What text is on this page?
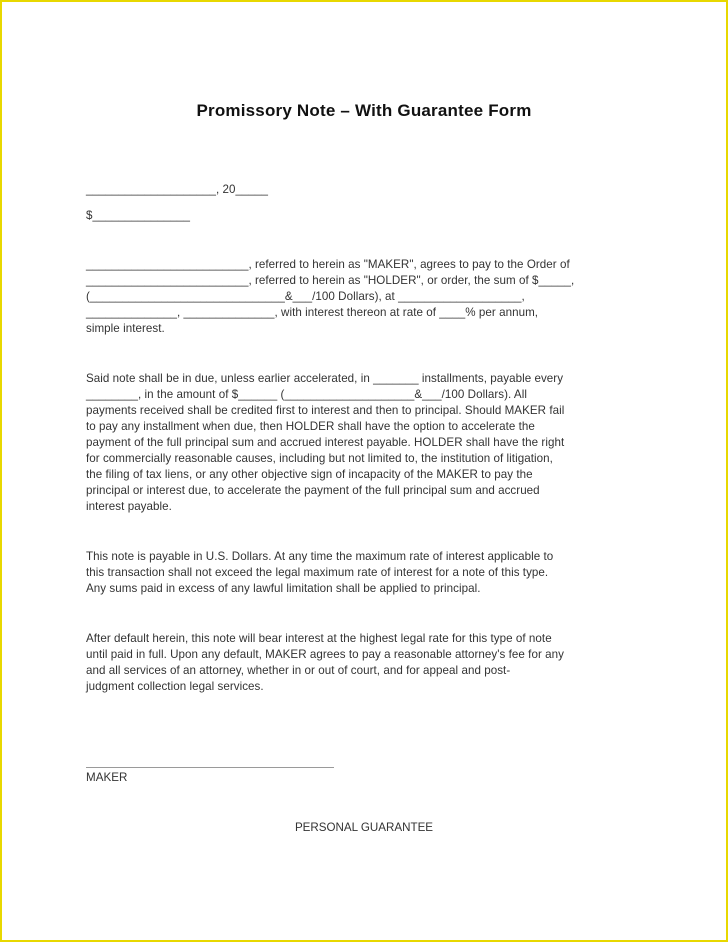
Promissory Note – With Guarantee Form
____________________, 20_____
$_______________
_________________________, referred to herein as "MAKER", agrees to pay to the Order of
_________________________, referred to herein as "HOLDER", or order, the sum of $_____,
(______________________________&___/100 Dollars), at ___________________,
______________, ______________, with interest thereon at rate of ____% per annum,
simple interest.
Said note shall be in due, unless earlier accelerated, in _______ installments, payable every
________, in the amount of $______ (____________________&___/100 Dollars). All
payments received shall be credited first to interest and then to principal. Should MAKER fail
to pay any installment when due, then HOLDER shall have the option to accelerate the
payment of the full principal sum and accrued interest payable. HOLDER shall have the right
for commercially reasonable causes, including but not limited to, the institution of litigation,
the filing of tax liens, or any other objective sign of incapacity of the MAKER to pay the
principal or interest due, to accelerate the payment of the full principal sum and accrued
interest payable.
This note is payable in U.S. Dollars. At any time the maximum rate of interest applicable to
this transaction shall not exceed the legal maximum rate of interest for a note of this type.
Any sums paid in excess of any lawful limitation shall be applied to principal.
After default herein, this note will bear interest at the highest legal rate for this type of note
until paid in full. Upon any default, MAKER agrees to pay a reasonable attorney's fee for any
and all services of an attorney, whether in or out of court, and for appeal and post-
judgment collection legal services.
MAKER
PERSONAL GUARANTEE
